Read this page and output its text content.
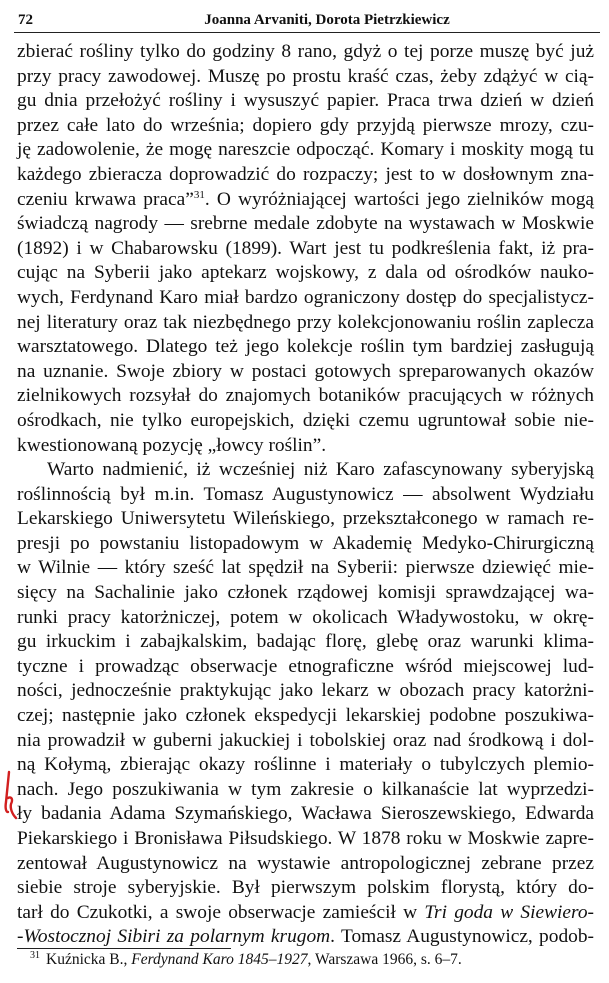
72	Joanna Arvaniti, Dorota Pietrzkiewicz
zbierać rośliny tylko do godziny 8 rano, gdyż o tej porze muszę być już
przy pracy zawodowej. Muszę po prostu kraść czas, żeby zdążyć w cią-
gu dnia przełożyć rośliny i wysuszyć papier. Praca trwa dzień w dzień
przez całe lato do września; dopiero gdy przyjdą pierwsze mrozy, czu-
ję zadowolenie, że mogę nareszcie odpocząć. Komary i moskity mogą tu
każdego zbieracza doprowadzić do rozpaczy; jest to w dosłownym zna-
czeniu krwawa praca”$^{31}$. O wyróżniającej wartości jego zielników mogą
świadczą nagrody — srebrne medale zdobyte na wystawach w Moskwie
(1892) i w Chabarowsku (1899). Wart jest tu podkreślenia fakt, iż pra-
cując na Syberii jako aptekarz wojskowy, z dala od ośrodków nauko-
wych, Ferdynand Karo miał bardzo ograniczony dostęp do specjalistycz-
nej literatury oraz tak niezbędnego przy kolekcjonowaniu roślin zaplecza
warsztatowego. Dlatego też jego kolekcje roślin tym bardziej zasługują
na uznanie. Swoje zbiory w postaci gotowych spreparowanych okazów
zielnikowych rozsyłał do znajomych botaników pracujących w różnych
ośrodkach, nie tylko europejskich, dzięki czemu ugruntował sobie nie-
kwestionowaną pozycję „łowcy roślin”.
Warto nadmienić, iż wcześniej niż Karo zafascynowany syberyjską
roślinnością był m.in. Tomasz Augustynowicz — absolwent Wydziału
Lekarskiego Uniwersytetu Wileńskiego, przekształconego w ramach re-
presji po powstaniu listopadowym w Akademię Medyko-Chirurgiczną
w Wilnie — który sześć lat spędził na Syberii: pierwsze dziewięć mie-
sięcy na Sachalinie jako członek rządowej komisji sprawdzającej wa-
runki pracy katorżniczej, potem w okolicach Władywostoku, w okrę-
gu irkuckim i zabajkalskim, badając florę, glebę oraz warunki klima-
tyczne i prowadząc obserwacje etnograficzne wśród miejscowej lud-
ności, jednocześnie praktykując jako lekarz w obozach pracy katorżni-
czej; następnie jako członek ekspedycji lekarskiej podobne poszukiwa-
nia prowadził w guberni jakuckiej i tobolskiej oraz nad środkową i dol-
ną Kołymą, zbierając okazy roślinne i materiały o tubylczych plemio-
nach. Jego poszukiwania w tym zakresie o kilkanaście lat wyprzedzi-
ły badania Adama Szymańskiego, Wacława Sieroszewskiego, Edwarda
Piekarskiego i Bronisława Piłsudskiego. W 1878 roku w Moskwie zapre-
zentował Augustynowicz na wystawie antropologicznej zebrane przez
siebie stroje syberyjskie. Był pierwszym polskim florystą, który do-
tarł do Czukotki, a swoje obserwacje zamieścił w Tri goda w Siewiero-
-Wostocznoj Sibiri za polarnym krugom. Tomasz Augustynowicz, podob-
$^{31}$ Kuźnicka B., Ferdynand Karo 1845–1927, Warszawa 1966, s. 6–7.
